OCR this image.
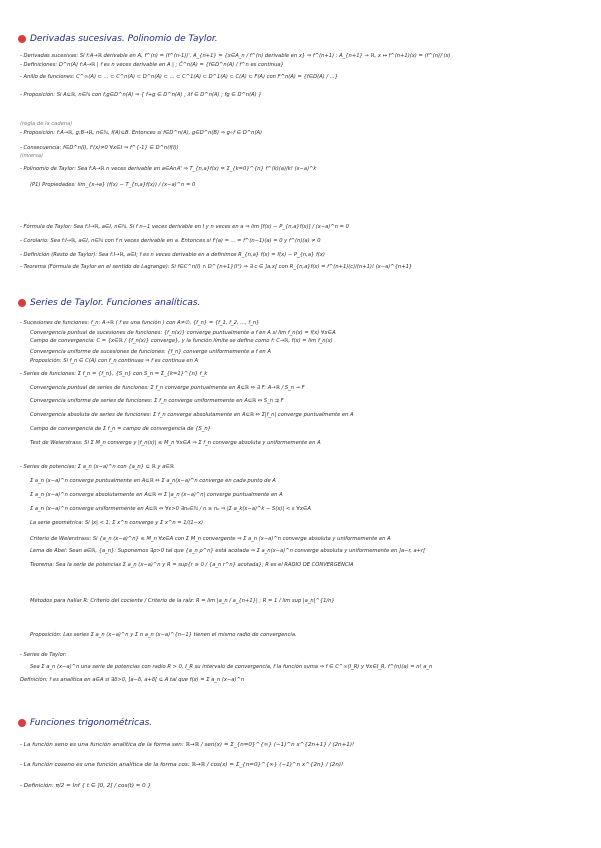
Derivadas sucesivas. Polinomio de Taylor.
- Derivadas sucesivas: Si f:A→ℝ derivable en A, f^(n) = (f^(n-1))', A_{n+1} = {x∈A_n / f^(n) derivable en x} ⇒ f^(n+1) : A_{n+1} → ℝ, x ↦ f^(n+1)(x) = (f^(n))'(x)
- Definiciones: D^n(A) f:A→ℝ | f es n veces derivable en A | ; Ĉ^n(A) = {f∈D^n(A) / f^n es continua}
- Anillo de funciones: C^∞(A) ⊂ ... ⊂ C^n(A) ⊂ D^n(A) ⊂ ... ⊂ C^1(A) ⊂ D^1(A) ⊂ C(A) ⊂ F(A) con F^n(A) = {f∈D(A) / ...}
- Proposición: Si A⊆ℝ, n∈ℕ con f,g∈D^n(A) ⇒ { f+g ∈ D^n(A) ; λf ∈ D^n(A) ; fg ∈ D^n(A) }
(regla de la cadena)
- Proposición: f:A→ℝ, g:B→ℝ, n∈ℕ, f(A)⊆B. Entonces si f∈D^n(A), g∈D^n(B) ⇒ g∘f ∈ D^n(A)
- Consecuencia: f∈D^n(I), f'(x)≠0 ∀x∈I ⇒ f^{-1} ∈ D^n(f(I))
(inversa)
- Polinomio de Taylor: Sea f:A→ℝ n veces derivable en a∈A∩A' ⇒ T_{n,a}f(x) = Σ_{k=0}^{n} f^(k)(a)/k! (x−a)^k
(P1) Propiedades: lim_{x→a} (f(x) − T_{n,a}f(x)) / (x−a)^n = 0
- Fórmula de Taylor: Sea f:I→ℝ, a∈I, n∈ℕ. Si f n−1 veces derivable en I y n veces en a ⇒ lim [f(x) − P_{n,a}f(x)] / (x−a)^n = 0
- Corolario: Sea f:I→ℝ, a∈I, n∈ℕ con f n veces derivable en a. Entonces si f'(a) = ... = f^(n−1)(a) = 0 y f^(n)(a) ≠ 0
- Definición (Resto de Taylor): Sea f:I→ℝ, a∈I; f es n veces derivable en a definimos R_{n,a} f(x) = f(x) − P_{n,a} f(x)
- Teorema (Fórmula de Taylor en el sentido de Lagrange): Si f∈C^n(I) ∩ D^{n+1}(I°) ⇒ ∃ c ∈ ]a,x[ con R_{n,a}f(x) = f^(n+1)(c)/(n+1)! (x−a)^{n+1}
Series de Taylor. Funciones analíticas.
- Sucesiones de funciones: f_n: A→ℝ ( f es una función ) con A≠∅, {f_n} = {f_1, f_2, ..., f_n}
Convergencia puntual de sucesiones de funciones: {f_n(x)} converge puntualmente a f en A si lim f_n(x) = f(x) ∀x∈A
Campo de convergencia: C = {x∈ℝ / {f_n(x)} converge}, y la función límite se define como f: C→ℝ, f(x) = lim f_n(x)
Convergencia uniforme de sucesiones de funciones: {f_n} converge uniformemente a f en A
Proposición: Si f_n ∈ C(A) con f_n continuas ⇒ f es continua en A
- Series de funciones: Σ f_n = {f_n}, {S_n} con S_n = Σ_{k=1}^{n} f_k
Convergencia puntual de series de funciones: Σ f_n converge puntualmente en A⊆ℝ ⇔ ∃ F: A→ℝ / S_n → F
Convergencia uniforme de series de funciones: Σ f_n converge uniformemente en A⊆ℝ ⇔ S_n ⇉ F
Convergencia absoluta de series de funciones: Σ f_n converge absolutamente en A⊆ℝ ⇔ Σ|f_n| converge puntualmente en A
Campo de convergencia de Σ f_n = campo de convergencia de {S_n}
Test de Weierstrass: Si Σ M_n converge y |f_n(x)| ≤ M_n ∀x∈A ⇒ Σ f_n converge absoluta y uniformemente en A
- Series de potencias: Σ a_n (x−a)^n con {a_n} ⊆ ℝ y a∈ℝ
Σ a_n (x−a)^n converge puntualmente en A⊆ℝ ⇔ Σ a_n(x−a)^n converge en cada punto de A
Σ a_n (x−a)^n converge absolutamente en A⊆ℝ ⇔ Σ |a_n (x−a)^n| converge puntualmente en A
Σ a_n (x−a)^n converge uniformemente en A⊆ℝ ⇔ ∀ε>0 ∃n₀∈ℕ / n ≥ n₀ ⇒ |Σ a_k(x−a)^k − S(x)| < ε ∀x∈A
La serie geométrica: Si |x| < 1, Σ x^n converge y Σ x^n = 1/(1−x)
Criterio de Weierstrass: Si {a_n (x−a)^n} ≤ M_n ∀x∈A con Σ M_n convergente ⇒ Σ a_n (x−a)^n converge absoluta y uniformemente en A
Lema de Abel: Sean a∈ℝ, {a_n}: Suponemos ∃ρ>0 tal que {a_n ρ^n} está acotada ⇒ Σ a_n(x−a)^n converge absoluta y uniformemente en ]a−r, a+r[
Teorema: Sea la serie de potencias Σ a_n (x−a)^n y R = sup{r ≥ 0 / {a_n r^n} acotada}; R es el RADIO DE CONVERGENCIA
Métodos para hallar R: Criterio del cociente / Criterio de la raíz: R = lim |a_n / a_{n+1}| ; R = 1 / lim sup |a_n|^{1/n}
Proposición: Las series Σ a_n (x−a)^n y Σ n a_n (x−a)^{n−1} tienen el mismo radio de convergencia.
- Series de Taylor:
Sea Σ a_n (x−a)^n una serie de potencias con radio R > 0, I_R su intervalo de convergencia, f la función suma ⇒ f ∈ C^∞(I_R) y ∀x∈I_R, f^(n)(a) = n! a_n
Definición: f es analítica en a∈A si ∃δ>0, ]a−δ, a+δ[ ⊆ A tal que f(x) = Σ a_n (x−a)^n
Funciones trigonométricas.
- La función seno es una función analítica de la forma sen: ℝ→ℝ / sen(x) = Σ_{n=0}^{∞} (−1)^n x^{2n+1} / (2n+1)!
- La función coseno es una función analítica de la forma cos: ℝ→ℝ / cos(x) = Σ_{n=0}^{∞} (−1)^n x^{2n} / (2n)!
- Definición: π/2 = Inf { t ∈ ]0, 2[ / cos(t) = 0 }
